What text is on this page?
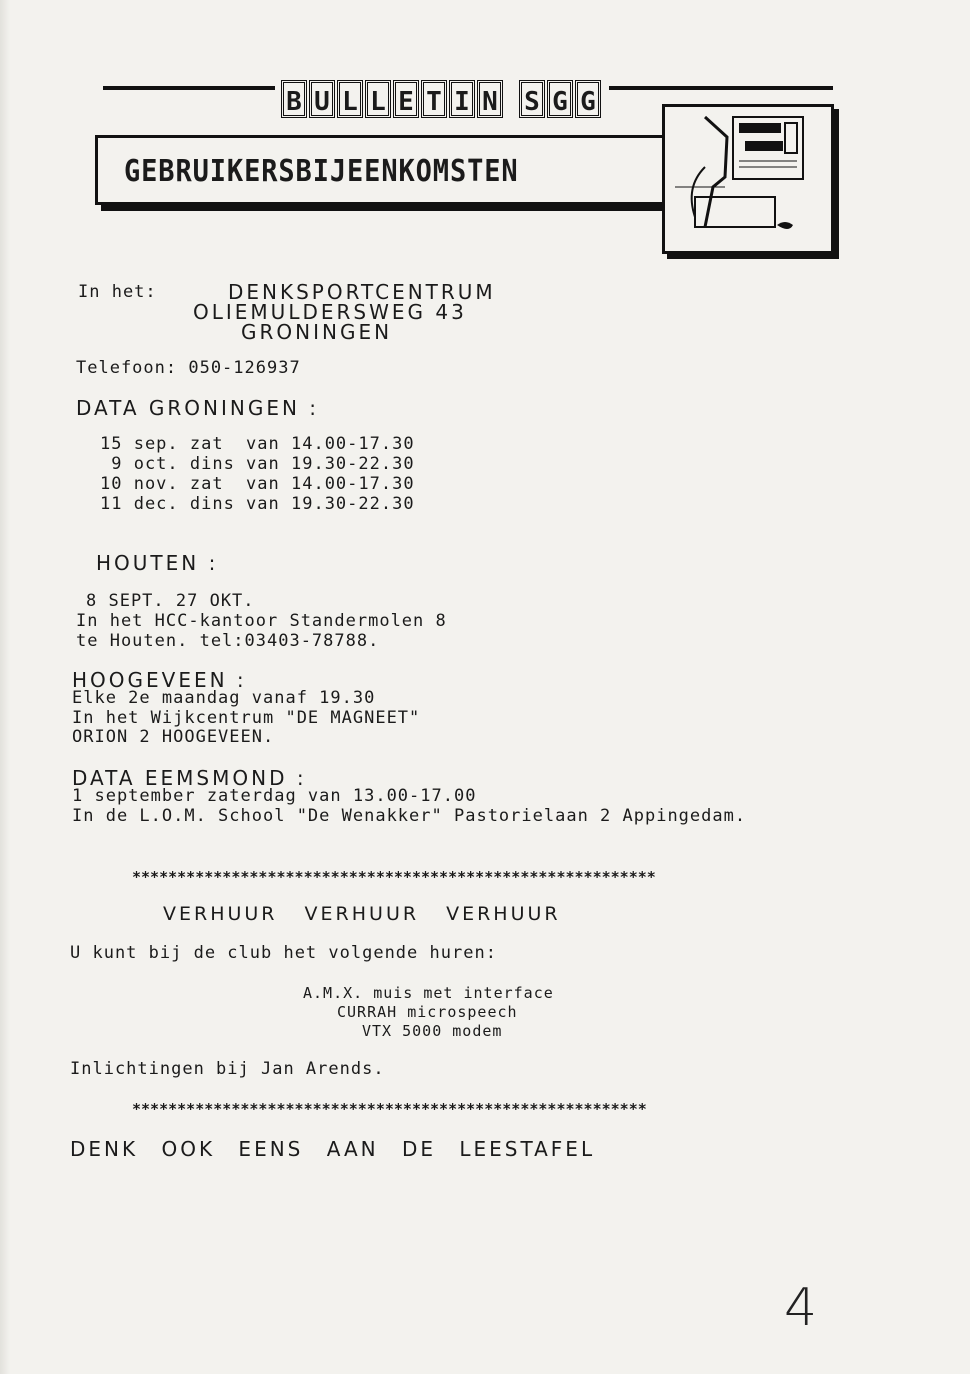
B U L L E T I N S G G
GEBRUIKERSBIJEENKOMSTEN
In het:	DENKSPORTCENTRUM
OLIEMULDERSWEG 43
GRONINGEN
Telefoon: 050-126937
DATA GRONINGEN :
15 sep. zat  van 14.00-17.30
9 oct. dins van 19.30-22.30
10 nov. zat  van 14.00-17.30
11 dec. dins van 19.30-22.30
HOUTEN :
8 SEPT. 27 OKT.
In het HCC-kantoor Standermolen 8
te Houten. tel:03403-78788.
HOOGEVEEN :
Elke 2e maandag vanaf 19.30
In het Wijkcentrum "DE MAGNEET"
ORION 2 HOOGEVEEN.
DATA EEMSMOND :
1 september zaterdag van 13.00-17.00
In de L.O.M. School "De Wenakker" Pastorielaan 2 Appingedam.
**********************************************************
VERHUUR VERHUUR VERHUUR
U kunt bij de club het volgende huren:
A.M.X. muis met interface
CURRAH microspeech
VTX 5000 modem
Inlichtingen bij Jan Arends.
*********************************************************
DENK OOK EENS AAN DE LEESTAFEL
4
